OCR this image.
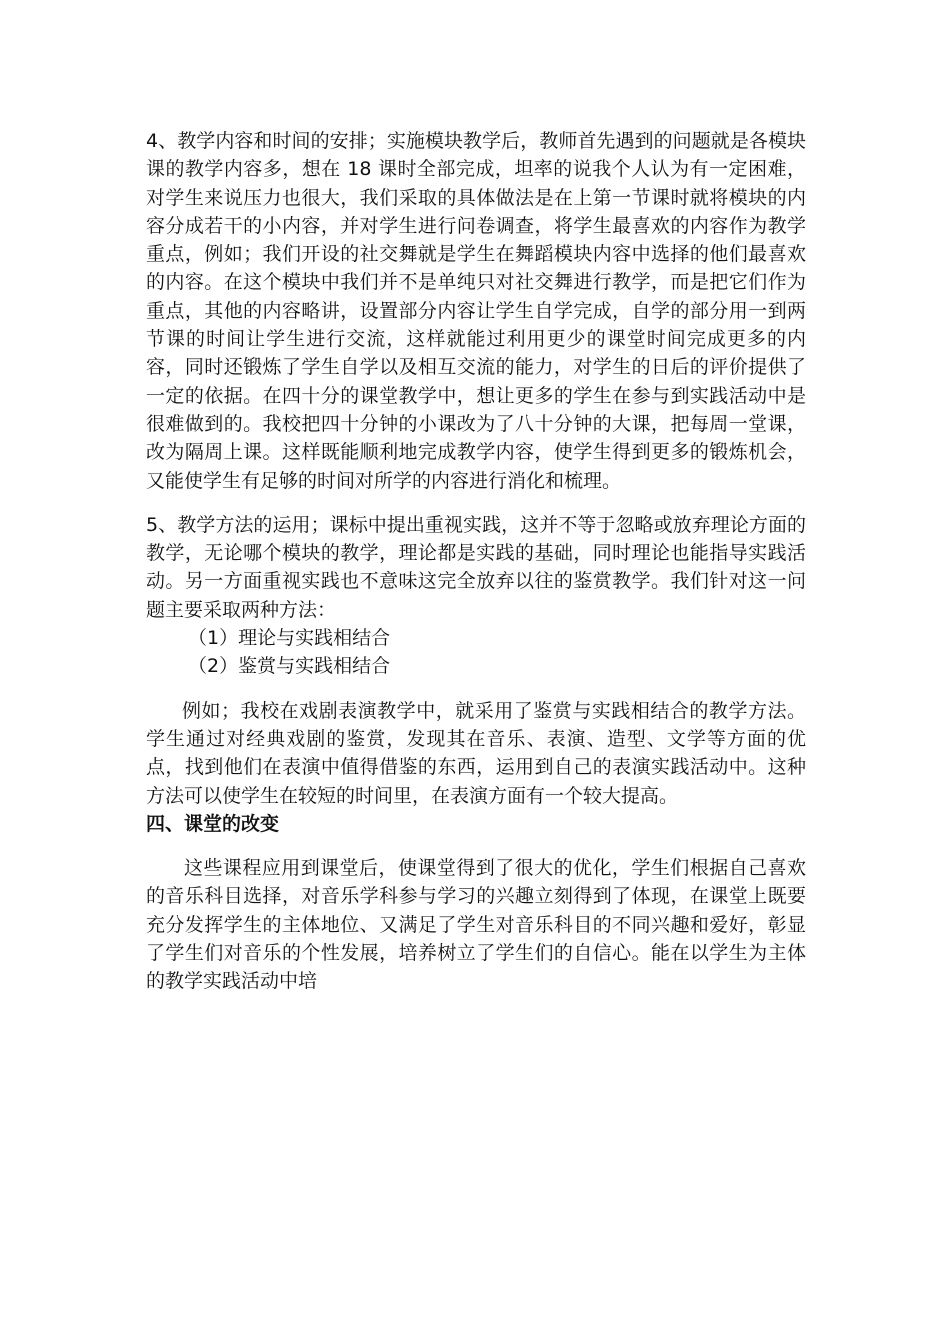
4、教学内容和时间的安排；实施模块教学后，教师首先遇到的问题就是各模块课的教学内容多，想在 18 课时全部完成，坦率的说我个人认为有一定困难，对学生来说压力也很大，我们采取的具体做法是在上第一节课时就将模块的内容分成若干的小内容，并对学生进行问卷调查，将学生最喜欢的内容作为教学重点，例如；我们开设的社交舞就是学生在舞蹈模块内容中选择的他们最喜欢的内容。在这个模块中我们并不是单纯只对社交舞进行教学，而是把它们作为重点，其他的内容略讲，设置部分内容让学生自学完成，自学的部分用一到两节课的时间让学生进行交流，这样就能过利用更少的课堂时间完成更多的内容，同时还锻炼了学生自学以及相互交流的能力，对学生的日后的评价提供了一定的依据。在四十分的课堂教学中，想让更多的学生在参与到实践活动中是很难做到的。我校把四十分钟的小课改为了八十分钟的大课，把每周一堂课，改为隔周上课。这样既能顺利地完成教学内容，使学生得到更多的锻炼机会，又能使学生有足够的时间对所学的内容进行消化和梳理。

5、教学方法的运用；课标中提出重视实践，这并不等于忽略或放弃理论方面的教学，无论哪个模块的教学，理论都是实践的基础，同时理论也能指导实践活动。另一方面重视实践也不意味这完全放弃以往的鉴赏教学。我们针对这一问题主要采取两种方法：

（1）理论与实践相结合

（2）鉴赏与实践相结合

例如；我校在戏剧表演教学中，就采用了鉴赏与实践相结合的教学方法。学生通过对经典戏剧的鉴赏，发现其在音乐、表演、造型、文学等方面的优点，找到他们在表演中值得借鉴的东西，运用到自己的表演实践活动中。这种方法可以使学生在较短的时间里，在表演方面有一个较大提高。

四、课堂的改变

这些课程应用到课堂后，使课堂得到了很大的优化，学生们根据自己喜欢的音乐科目选择，对音乐学科参与学习的兴趣立刻得到了体现，在课堂上既要充分发挥学生的主体地位、又满足了学生对音乐科目的不同兴趣和爱好，彰显了学生们对音乐的个性发展，培养树立了学生们的自信心。能在以学生为主体的教学实践活动中培
